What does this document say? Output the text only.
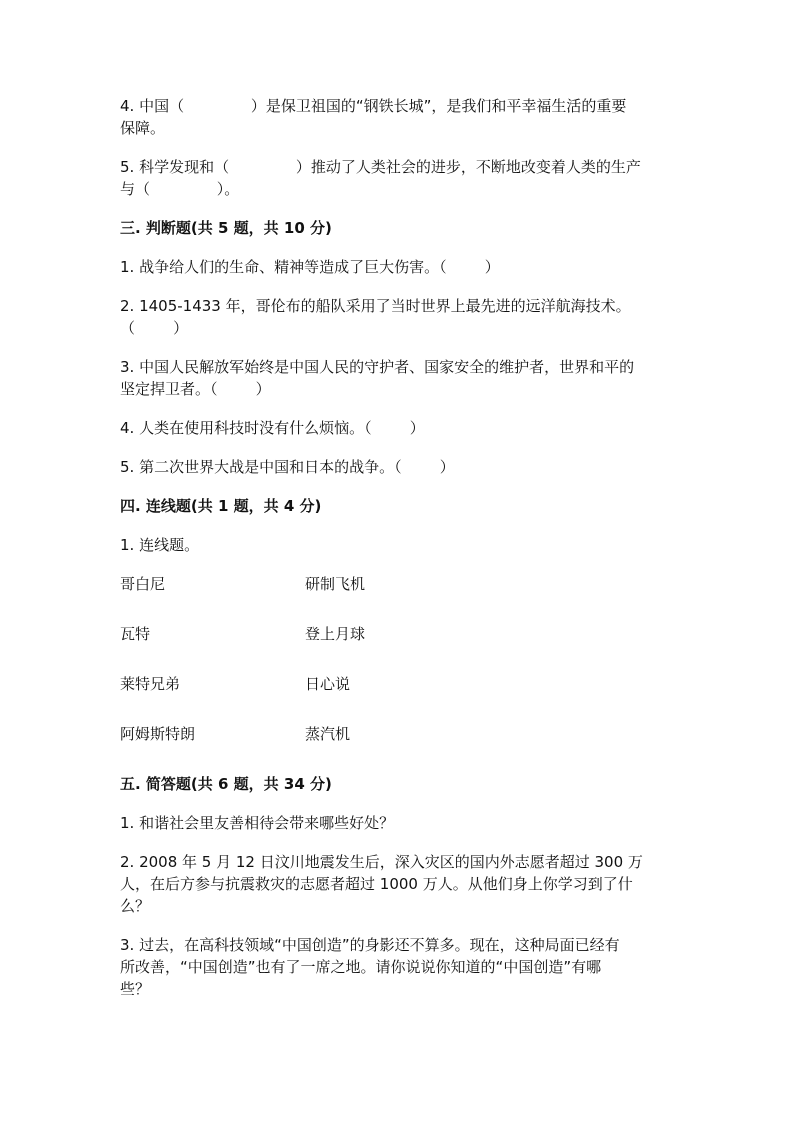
4. 中国（              ）是保卫祖国的“钢铁长城”，是我们和平幸福生活的重要
保障。
5. 科学发现和（              ）推动了人类社会的进步，不断地改变着人类的生产
与（              ）。
三. 判断题(共 5 题，共 10 分)
1. 战争给人们的生命、精神等造成了巨大伤害。（        ）
2. 1405-1433 年，哥伦布的船队采用了当时世界上最先进的远洋航海技术。
（        ）
3. 中国人民解放军始终是中国人民的守护者、国家安全的维护者，世界和平的
坚定捍卫者。（        ）
4. 人类在使用科技时没有什么烦恼。（        ）
5. 第二次世界大战是中国和日本的战争。（        ）
四. 连线题(共 1 题，共 4 分)
1. 连线题。
哥白尼	研制飞机
瓦特	登上月球
莱特兄弟	日心说
阿姆斯特朗	蒸汽机
五. 简答题(共 6 题，共 34 分)
1. 和谐社会里友善相待会带来哪些好处？
2. 2008 年 5 月 12 日汶川地震发生后，深入灾区的国内外志愿者超过 300 万
人，在后方参与抗震救灾的志愿者超过 1000 万人。从他们身上你学习到了什
么？
3. 过去，在高科技领域“中国创造”的身影还不算多。现在，这种局面已经有
所改善，“中国创造”也有了一席之地。请你说说你知道的“中国创造”有哪
些？
